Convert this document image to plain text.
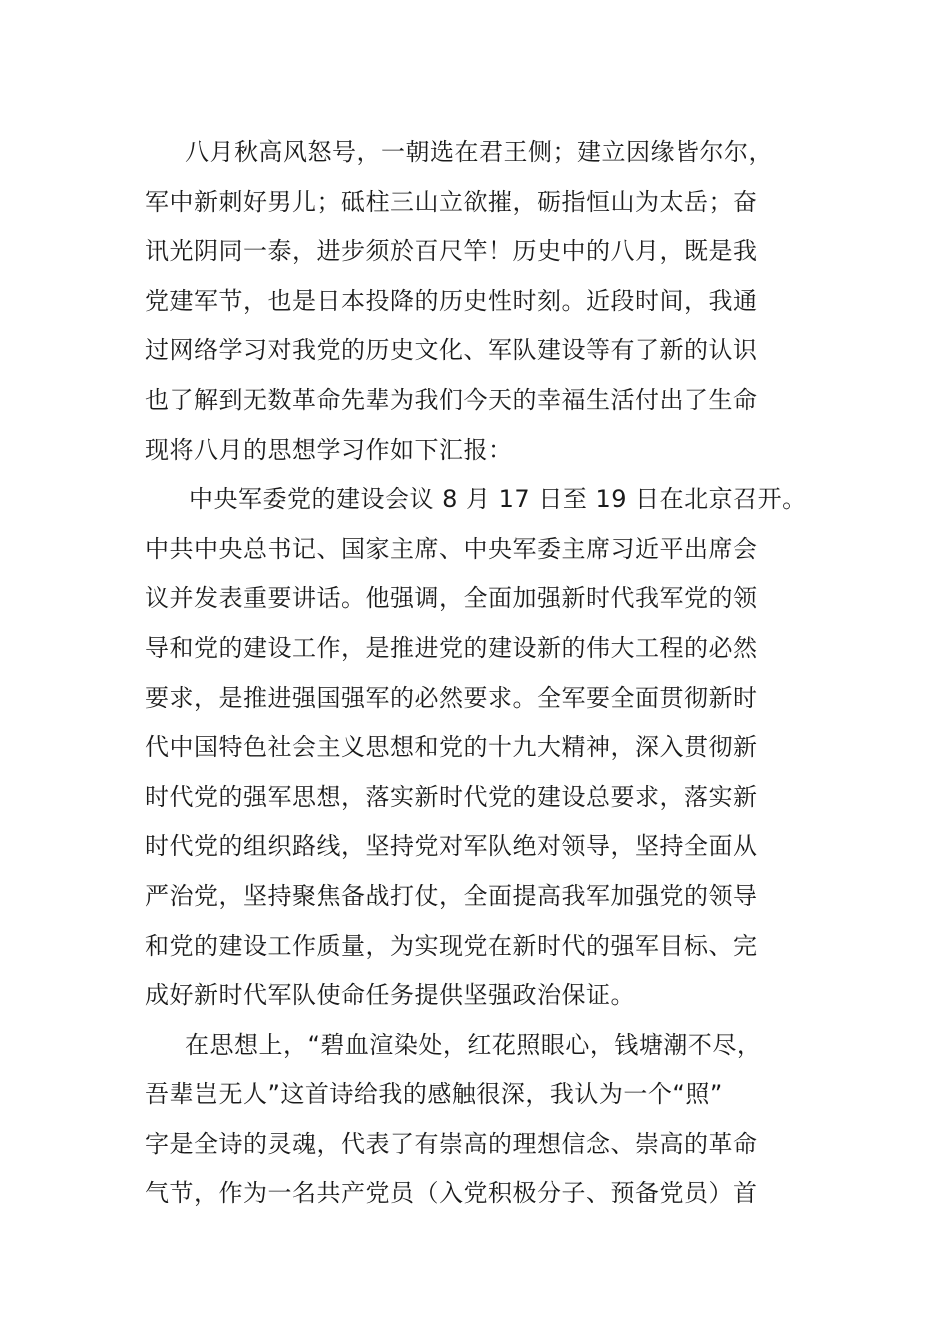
八月秋高风怒号，一朝选在君王侧；建立因缘皆尔尔，
军中新刺好男儿；砥柱三山立欲摧，砺指恒山为太岳；奋
讯光阴同一泰，进步须於百尺竿！历史中的八月，既是我
党建军节，也是日本投降的历史性时刻。近段时间，我通
过网络学习对我党的历史文化、军队建设等有了新的认识
也了解到无数革命先辈为我们今天的幸福生活付出了生命
现将八月的思想学习作如下汇报：
中央军委党的建设会议 8 月 17 日至 19 日在北京召开。
中共中央总书记、国家主席、中央军委主席习近平出席会
议并发表重要讲话。他强调，全面加强新时代我军党的领
导和党的建设工作，是推进党的建设新的伟大工程的必然
要求，是推进强国强军的必然要求。全军要全面贯彻新时
代中国特色社会主义思想和党的十九大精神，深入贯彻新
时代党的强军思想，落实新时代党的建设总要求，落实新
时代党的组织路线，坚持党对军队绝对领导，坚持全面从
严治党，坚持聚焦备战打仗，全面提高我军加强党的领导
和党的建设工作质量，为实现党在新时代的强军目标、完
成好新时代军队使命任务提供坚强政治保证。
在思想上，“碧血渲染处，红花照眼心，钱塘潮不尽，
吾辈岂无人”这首诗给我的感触很深，我认为一个“照”
字是全诗的灵魂，代表了有崇高的理想信念、崇高的革命
气节，作为一名共产党员（入党积极分子、预备党员）首
